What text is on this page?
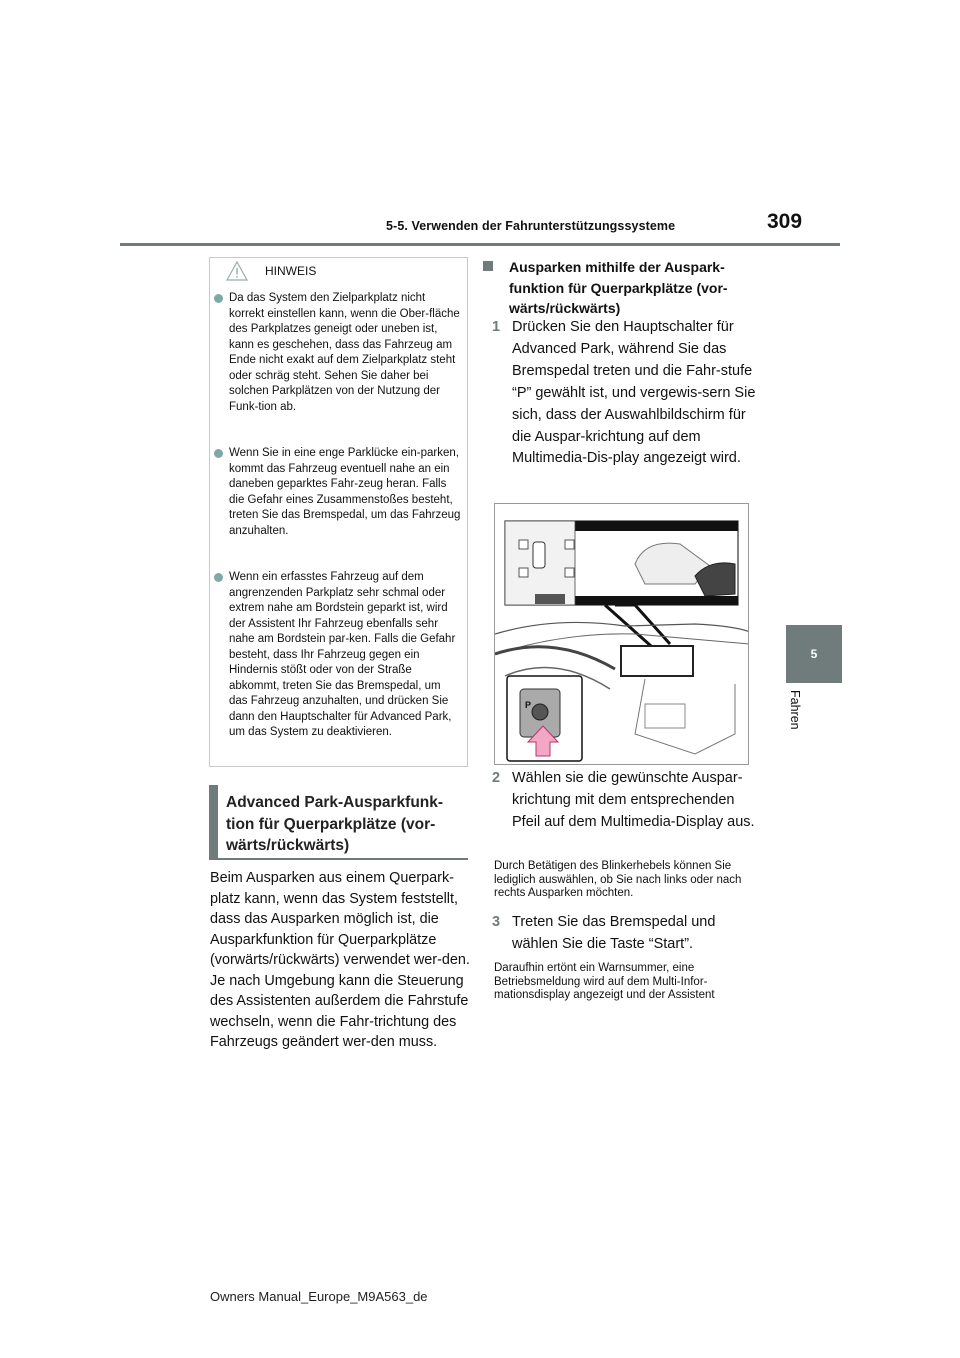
5-5. Verwenden der Fahrunterstützungssysteme	309
5
Fahren
HINWEIS
Da das System den Zielparkplatz nicht korrekt einstellen kann, wenn die Ober-fläche des Parkplatzes geneigt oder uneben ist, kann es geschehen, dass das Fahrzeug am Ende nicht exakt auf dem Zielparkplatz steht oder schräg steht. Sehen Sie daher bei solchen Parkplätzen von der Nutzung der Funk-tion ab.
Wenn Sie in eine enge Parklücke ein-parken, kommt das Fahrzeug eventuell nahe an ein daneben geparktes Fahr-zeug heran. Falls die Gefahr eines Zusammenstoßes besteht, treten Sie das Bremspedal, um das Fahrzeug anzuhalten.
Wenn ein erfasstes Fahrzeug auf dem angrenzenden Parkplatz sehr schmal oder extrem nahe am Bordstein geparkt ist, wird der Assistent Ihr Fahrzeug ebenfalls sehr nahe am Bordstein par-ken. Falls die Gefahr besteht, dass Ihr Fahrzeug gegen ein Hindernis stößt oder von der Straße abkommt, treten Sie das Bremspedal, um das Fahrzeug anzuhalten, und drücken Sie dann den Hauptschalter für Advanced Park, um das System zu deaktivieren.
Advanced Park-Ausparkfunk-tion für Querparkplätze (vor-wärts/rückwärts)
Beim Ausparken aus einem Querpark-platz kann, wenn das System feststellt, dass das Ausparken möglich ist, die Ausparkfunktion für Querparkplätze (vorwärts/rückwärts) verwendet wer-den. Je nach Umgebung kann die Steuerung des Assistenten außerdem die Fahrstufe wechseln, wenn die Fahr-trichtung des Fahrzeugs geändert wer-den muss.
Ausparken mithilfe der Auspark-funktion für Querparkplätze (vor-wärts/rückwärts)
1 Drücken Sie den Hauptschalter für Advanced Park, während Sie das Bremspedal treten und die Fahr-stufe “P” gewählt ist, und vergewis-sern Sie sich, dass der Auswahlbildschirm für die Auspar-krichtung auf dem Multimedia-Dis-play angezeigt wird.
P
2 Wählen sie die gewünschte Auspar-krichtung mit dem entsprechenden Pfeil auf dem Multimedia-Display aus.
Durch Betätigen des Blinkerhebels können Sie lediglich auswählen, ob Sie nach links oder nach rechts Ausparken möchten.
3 Treten Sie das Bremspedal und wählen Sie die Taste “Start”.
Daraufhin ertönt ein Warnsummer, eine Betriebsmeldung wird auf dem Multi-Infor-mationsdisplay angezeigt und der Assistent
Owners Manual_Europe_M9A563_de
